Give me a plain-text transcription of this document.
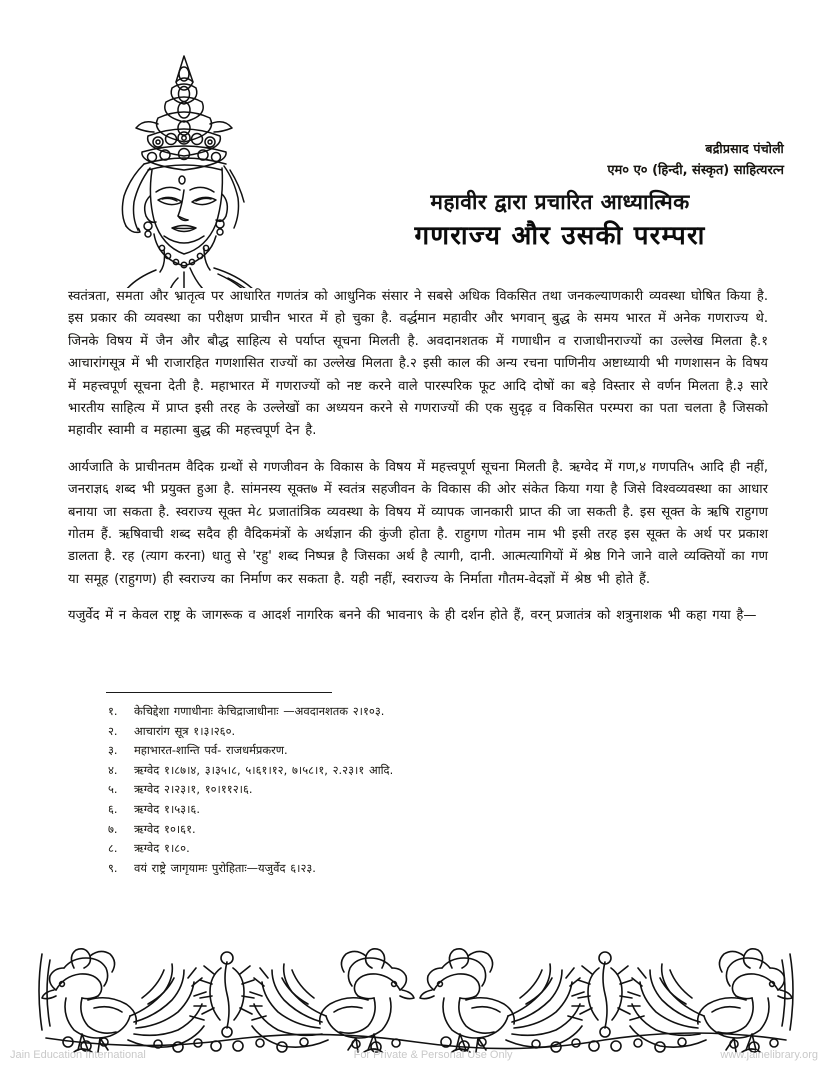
बद्रीप्रसाद पंचोली
एम० ए० (हिन्दी, संस्कृत) साहित्यरत्न
महावीर द्वारा प्रचारित आध्यात्मिक
गणराज्य और उसकी परम्परा

स्वतंत्रता, समता और भ्रातृत्व पर आधारित गणतंत्र को आधुनिक संसार ने सबसे अधिक विकसित तथा जनकल्याणकारी व्यवस्था घोषित किया है. इस प्रकार की व्यवस्था का परीक्षण प्राचीन भारत में हो चुका है. वर्द्धमान महावीर और भगवान् बुद्ध के समय भारत में अनेक गणराज्य थे. जिनके विषय में जैन और बौद्ध साहित्य से पर्याप्त सूचना मिलती है. अवदानशतक में गणाधीन व राजाधीनराज्यों का उल्लेख मिलता है.१ आचारांगसूत्र में भी राजारहित गणशासित राज्यों का उल्लेख मिलता है.२ इसी काल की अन्य रचना पाणिनीय अष्टाध्यायी भी गणशासन के विषय में महत्त्वपूर्ण सूचना देती है. महाभारत में गणराज्यों को नष्ट करने वाले पारस्परिक फूट आदि दोषों का बड़े विस्तार से वर्णन मिलता है.३ सारे भारतीय साहित्य में प्राप्त इसी तरह के उल्लेखों का अध्ययन करने से गणराज्यों की एक सुदृढ़ व विकसित परम्परा का पता चलता है जिसको महावीर स्वामी व महात्मा बुद्ध की महत्त्वपूर्ण देन है.

आर्यजाति के प्राचीनतम वैदिक ग्रन्थों से गणजीवन के विकास के विषय में महत्त्वपूर्ण सूचना मिलती है. ऋग्वेद में गण,४ गणपति५ आदि ही नहीं, जनराज्ञ६ शब्द भी प्रयुक्त हुआ है. सांमनस्य सूक्त७ में स्वतंत्र सहजीवन के विकास की ओर संकेत किया गया है जिसे विश्वव्यवस्था का आधार बनाया जा सकता है. स्वराज्य सूक्त मे८ प्रजातांत्रिक व्यवस्था के विषय में व्यापक जानकारी प्राप्त की जा सकती है. इस सूक्त के ऋषि राहुगण गोतम हैं. ऋषिवाची शब्द सदैव ही वैदिकमंत्रों के अर्थज्ञान की कुंजी होता है. राहुगण गोतम नाम भी इसी तरह इस सूक्त के अर्थ पर प्रकाश डालता है. रह (त्याग करना) धातु से 'रहु' शब्द निष्पन्न है जिसका अर्थ है त्यागी, दानी. आत्मत्यागियों में श्रेष्ठ गिने जाने वाले व्यक्तियों का गण या समूह (राहुगण) ही स्वराज्य का निर्माण कर सकता है. यही नहीं, स्वराज्य के निर्माता गौतम-वेदज्ञों में श्रेष्ठ भी होते हैं.

यजुर्वेद में न केवल राष्ट्र के जागरूक व आदर्श नागरिक बनने की भावना९ के ही दर्शन होते हैं, वरन् प्रजातंत्र को शत्रुनाशक भी कहा गया है—

१.	केचिद्देशा गणाधीनाः केचिद्राजाधीनाः —अवदानशतक २।१०३.
२.	आचारांग सूत्र १।३।२६०.
३.	महाभारत-शान्ति पर्व- राजधर्मप्रकरण.
४.	ऋग्वेद १।८७।४, ३।३५।८, ५।६१।१२, ७।५८।१, २.२३।१ आदि.
५.	ऋग्वेद २।२३।१, १०।११२।६.
६.	ऋग्वेद १।५३।६.
७.	ऋग्वेद १०।६१.
८.	ऋग्वेद १।८०.
९.	वयं राष्ट्रे जागृयामः पुरोहिताः—यजुर्वेद ६।२३.
Jain Education International	For Private & Personal Use Only	www.jainelibrary.org
